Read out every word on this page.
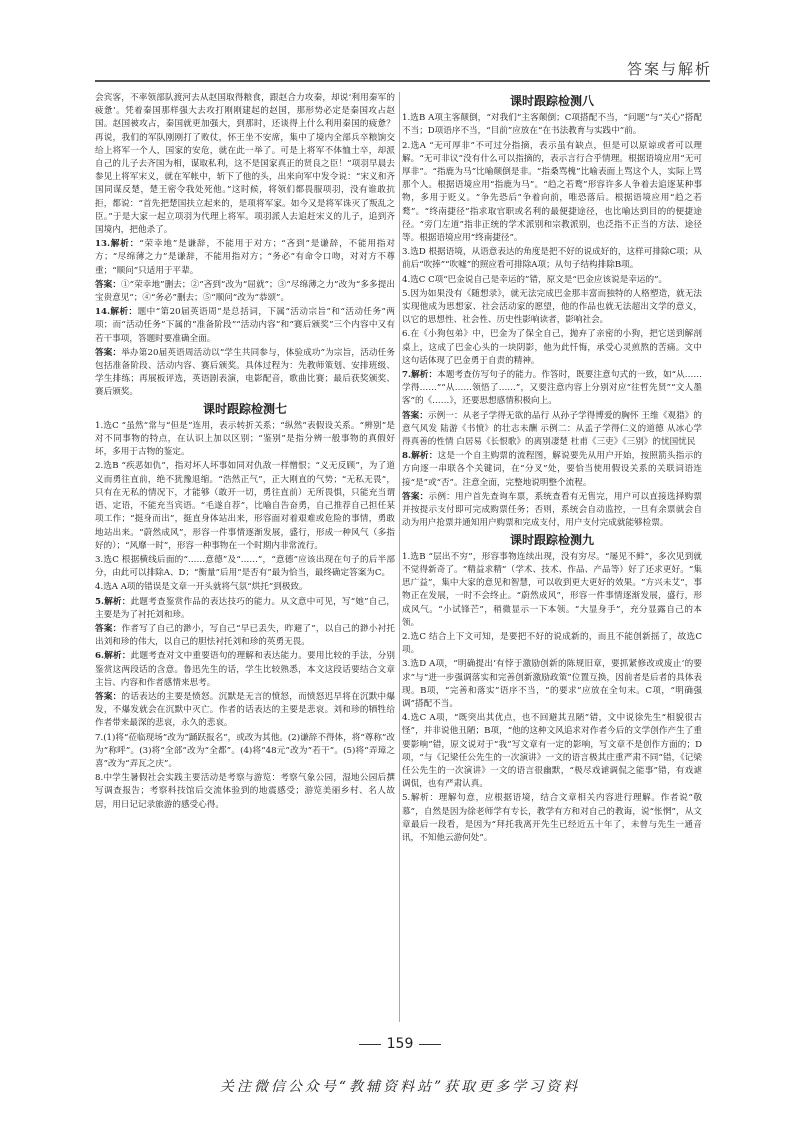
答案与解析

会宾客，不率领部队渡河去从赵国取得粮食，跟赵合力攻秦，却说‘利用秦军的疲惫’。凭着秦国那样强大去攻打刚刚建起的赵国，那形势必定是秦国攻占赵国。赵国被攻占，秦国就更加强大，到那时，还谈得上什么利用秦国的疲惫？再说，我们的军队刚刚打了败仗，怀王坐不安席，集中了境内全部兵卒粮饷交给上将军一个人，国家的安危，就在此一举了。可是上将军不体恤士卒，却派自己的儿子去齐国为相，谋取私利，这不是国家真正的贤良之臣！”项羽早晨去参见上将军宋义，就在军帐中，斩下了他的头，出来向军中发令说：“宋义和齐国同谋反楚，楚王密令我处死他。”这时候，将领们都畏服项羽，没有谁敢抗拒，都说：“首先把楚国扶立起来的，是项将军家。如今又是将军诛灭了叛乱之臣。”于是大家一起立项羽为代理上将军。项羽派人去追赶宋义的儿子，追到齐国境内，把他杀了。

13.解析：“荣幸地”是谦辞，不能用于对方；“吝到”是谦辞，不能用指对方；“尽绵薄之力”是谦辞，不能用指对方；“务必”有命令口吻，对对方不尊重；“顺问”只适用于平辈。
答案：①“荣幸地”删去；②“吝到”改为“屈就”；③“尽绵薄之力”改为“多多提出宝贵意见”；④“务必”删去；⑤“顺问”改为“恭颂”。
14.解析：题中“第20届英语周”是总括词，下属“活动宗旨”和“活动任务”两项；而“活动任务”下属的“准备阶段”“活动内容”和“赛后颁奖”三个内容中又有若干事项，答题时要准确全面。
答案：举办第20届英语周活动以“学生共同参与，体验成功”为宗旨，活动任务包括准备阶段、活动内容、赛后颁奖。具体过程为：先教师策划、安排班级、学生排练；再展板评选，英语剧表演，电影配音，歌曲比赛；最后获奖颁奖、赛后颁奖。
课时跟踪检测七

1.选C “虽然”常与“但是”连用，表示转折关系；“纵然”表假设关系。“辨别”是对不同事物的特点，在认识上加以区别；“鉴别”是指分辨一般事物的真假好坏，多用于古物的鉴定。

2.选B “疾恶如仇”，指对坏人坏事如同对仇敌一样憎恨；“义无反顾”，为了道义而勇往直前，绝不犹豫退缩。“浩然正气”，正大刚直的气势；“无私无畏”，只有在无私的情况下，才能够（敢开一切，勇往直前）无所畏惧，只能充当谓语、定语，不能充当宾语。“毛遂自荐”，比喻自告奋勇，自己推荐自己担任某项工作；“挺身而出”，挺直身体站出来，形容面对着艰难或危险的事情，勇敢地站出来。“蔚然成风”，形容一件事情逐渐发展，盛行，形成一种风气（多指好的）；“风靡一时”，形容一种事物在一个时期内非常流行。

3.选C 根据横线后面的“……意德”及“……”，“意德”应该出现在句子的后半部分，由此可以排除A、D；“衡量”后用“是否有”最为恰当，最终确定答案为C。

4.选A A项的错误是文章一开头就将气氛“烘托”到极致。

5.解析：此题考查鉴赏作品的表达技巧的能力。从文意中可见，写“她”自己，主要是为了衬托刘和珍。
答案：作者写了自己的渺小，写自己“早已丢失，昨避了”，以自己的渺小衬托出刘和珍的伟大，以自己的胆怯衬托刘和珍的英勇无畏。
6.解析：此题考查对文中重要语句的理解和表达能力。要用比较的手法，分别鉴赏这两段话的含意。鲁迅先生的话，学生比较熟悉，本文这段话要结合文章主旨、内容和作者感情来思考。
答案：的话表达的主要是愤怒。沉默是无言的愤怒，而愤怒迟早将在沉默中爆发，不爆发就会在沉默中灭亡。作者的话表达的主要是悲哀。刘和珍的牺牲给作者带来最深的悲哀，永久的悲哀。

7.(1)将“莅临现场”改为“踊跃报名”，或改为其他。(2)谦辞不得体，将“尊称”改为“称呼”。(3)将“全部”改为“全都”。(4)将“48元”改为“若干”。(5)将“弄璋之喜”改为“弄瓦之庆”。

8.中学生暑假社会实践主要活动是考察与游览：考察气象公园，湿地公园后撰写调查报告；考察科技馆后交流体验到的地震感受；游览美丽乡村、名人故居，用日记记录旅游的感受心得。

课时跟踪检测八

1.选B A项主客颠倒，“对我们”主客颠倒；C项搭配不当，“问题”与“关心”搭配不当；D项语序不当，“目前”应放在“在书法教育与实践中”前。

2.选A “无可厚非”不可过分指摘，表示虽有缺点，但是可以原谅或者可以理解。“无可非议”没有什么可以指摘的，表示言行合乎情理。根据语境应用“无可厚非”。“指鹿为马”比喻颠倒是非。“指桑骂槐”比喻表面上骂这个人，实际上骂那个人。根据语境应用“指鹿为马”。“趋之若鹜”形容许多人争着去追逐某种事物，多用于贬义。“争先恐后”争着向前，唯恐落后。根据语境应用“趋之若鹜”。“终南捷径”指求取官职或名利的最便捷途径，也比喻达到目的的便捷途径。“旁门左道”指非正统的学术派别和宗教派别，也泛指不正当的方法、途径等。根据语境应用“终南捷径”。

3.选D 根据语境，从语意表达的角度是把不好的说成好的，这样可排除C项；从前后“吹捧”“吹嘘”的照应看可排除A项；从句子结构排除B项。

4.选C C项“巴金说自己是幸运的”错，原文是“巴金应该说是幸运的”。

5.因为如果没有《随想录》，就无法完成巴金那丰富而独特的人格塑造，就无法实现他成为思想家、社会活动家的愿望，他的作品也就无法超出文学的意义，以它的思想性、社会性、历史性影响读者，影响社会。

6.在《小狗包弟》中，巴金为了保全自己，抛弃了亲密的小狗，把它送到解剖桌上，这成了巴金心头的一块阴影，他为此忏悔，承受心灵煎熬的苦痛。文中这句话体现了巴金勇于自责的精神。

7.解析：本题考查仿写句子的能力。作答时，既要注意句式的一致，如“从……学得……”“从……领悟了……”，又要注意内容上分别对应“往哲先贤”“文人墨客”的《……》，还要思想感情积极向上。
答案：示例一：从老子学得无欲的品行 从孙子学得博爱的胸怀 王维《观猎》的意气风发 陆游《书愤》的壮志未酬 示例二：从孟子学得仁义的道德 从冰心学得真善的性情 白居易《长恨歌》的离别凄楚 杜甫《三吏》《三别》的忧国忧民
8.解析：这是一个自主购票的流程图，解说要先从用户开始，按照箭头指示的方向逐一串联各个关键词，在“分叉”处，要恰当使用假设关系的关联词语连接“是”或“否”。注意全面，完整地说明整个流程。
答案：示例：用户首先查询车票，系统查看有无售完，用户可以直接选择购票并按提示支付即可完成购票任务；否则，系统会自动监控，一旦有余票就会自动为用户抢票并通知用户购票和完成支付，用户支付完成就能够检票。
课时跟踪检测九

1.选B “层出不穷”，形容事物连续出现，没有穷尽。“屡见不鲜”，多次见到就不觉得新奇了。“精益求精”（学术、技术、作品、产品等）好了还求更好。“集思广益”，集中大家的意见和智慧，可以收到更大更好的效果。“方兴未艾”，事物正在发展，一时不会终止。“蔚然成风”，形容一件事情逐渐发展，盛行，形成风气。“小试锋芒”，稍微显示一下本领。“大显身手”，充分显露自己的本领。

2.选C 结合上下文可知，是要把不好的说成新的，而且不能创新摇了，故选C项。

3.选D A项，“明确提出‘有悖于激励创新的陈规旧章，要抓紧修改或废止’的要求”与“进一步强调落实和完善创新激励政策”位置互换，因前者是后者的具体表现。B项，“完善和落实”语序不当，“的要求”应放在全句末。C项，“明确强调”搭配不当。

4.选C A项，“既突出其优点，也不回避其丑陋”错，文中说徐先生“相貌很古怪”，并非说他丑陋；B项，“他的这种文风追求对作者今后的文学创作产生了重要影响”错，原文说对于“我”写文章有一定的影响，写文章不是创作方面的；D项，“与《记梁任公先生的一次演讲》一文的语言极其庄重严肃不同”错，《记梁任公先生的一次演讲》一文的语言很幽默，“极尽戏谑调侃之能事”错，有戏谑调侃，也有严肃认真。

5.解析：理解句意，应根据语境，结合文章相关内容进行理解。作者说“敬慕”，自然是因为徐老师学有专长，教学有方和对自己的教诲，说“怅惘”，从文章最后一段看，是因为“拜托我离开先生已经近五十年了，未曾与先生一通音讯，不知他云游何处”。

159
关注微信公众号“教辅资料站”获取更多学习资料
